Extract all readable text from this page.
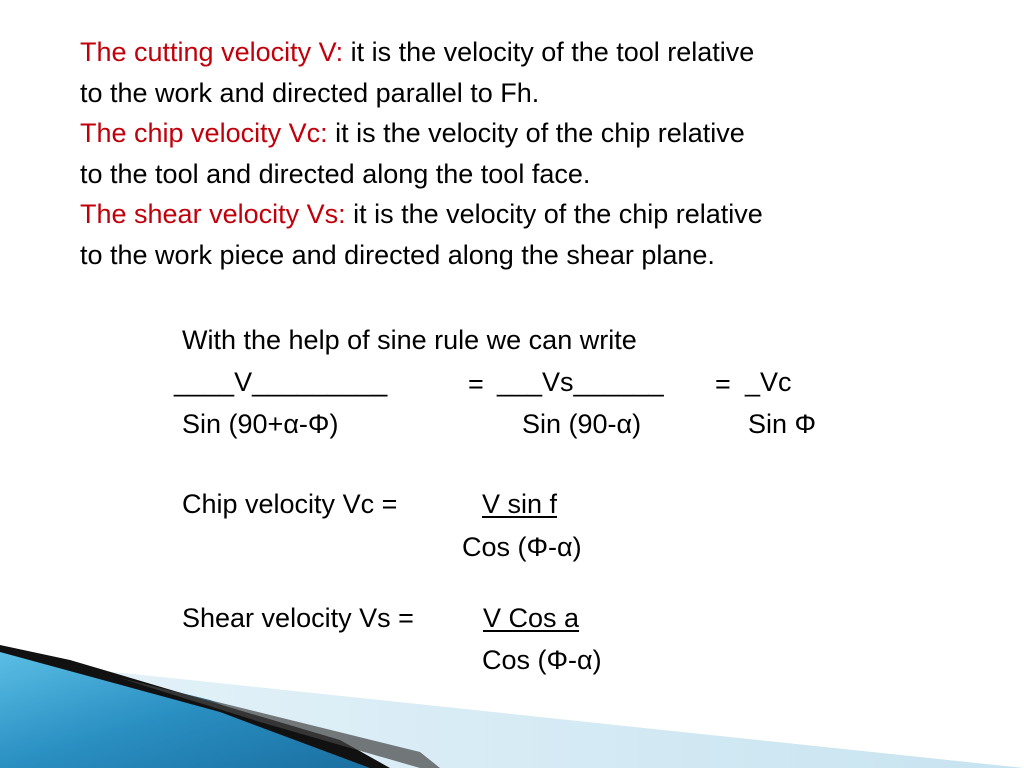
The cutting velocity V: it is the velocity of the tool relative
to the work and directed parallel to Fh.

The chip velocity Vc: it is the velocity of the chip relative
to the tool and directed along the tool face.

The shear velocity Vs: it is the velocity of the chip relative
to the work piece and directed along the shear plane.

With the help of sine rule we can write
____V_________	= ___Vs______ = _Vc
Sin (90+α-Φ)	Sin (90-α)	Sin Φ
Chip velocity Vc =	V sin f
Cos (Φ-α)
Shear velocity Vs =	V Cos a
Cos (Φ-α)
